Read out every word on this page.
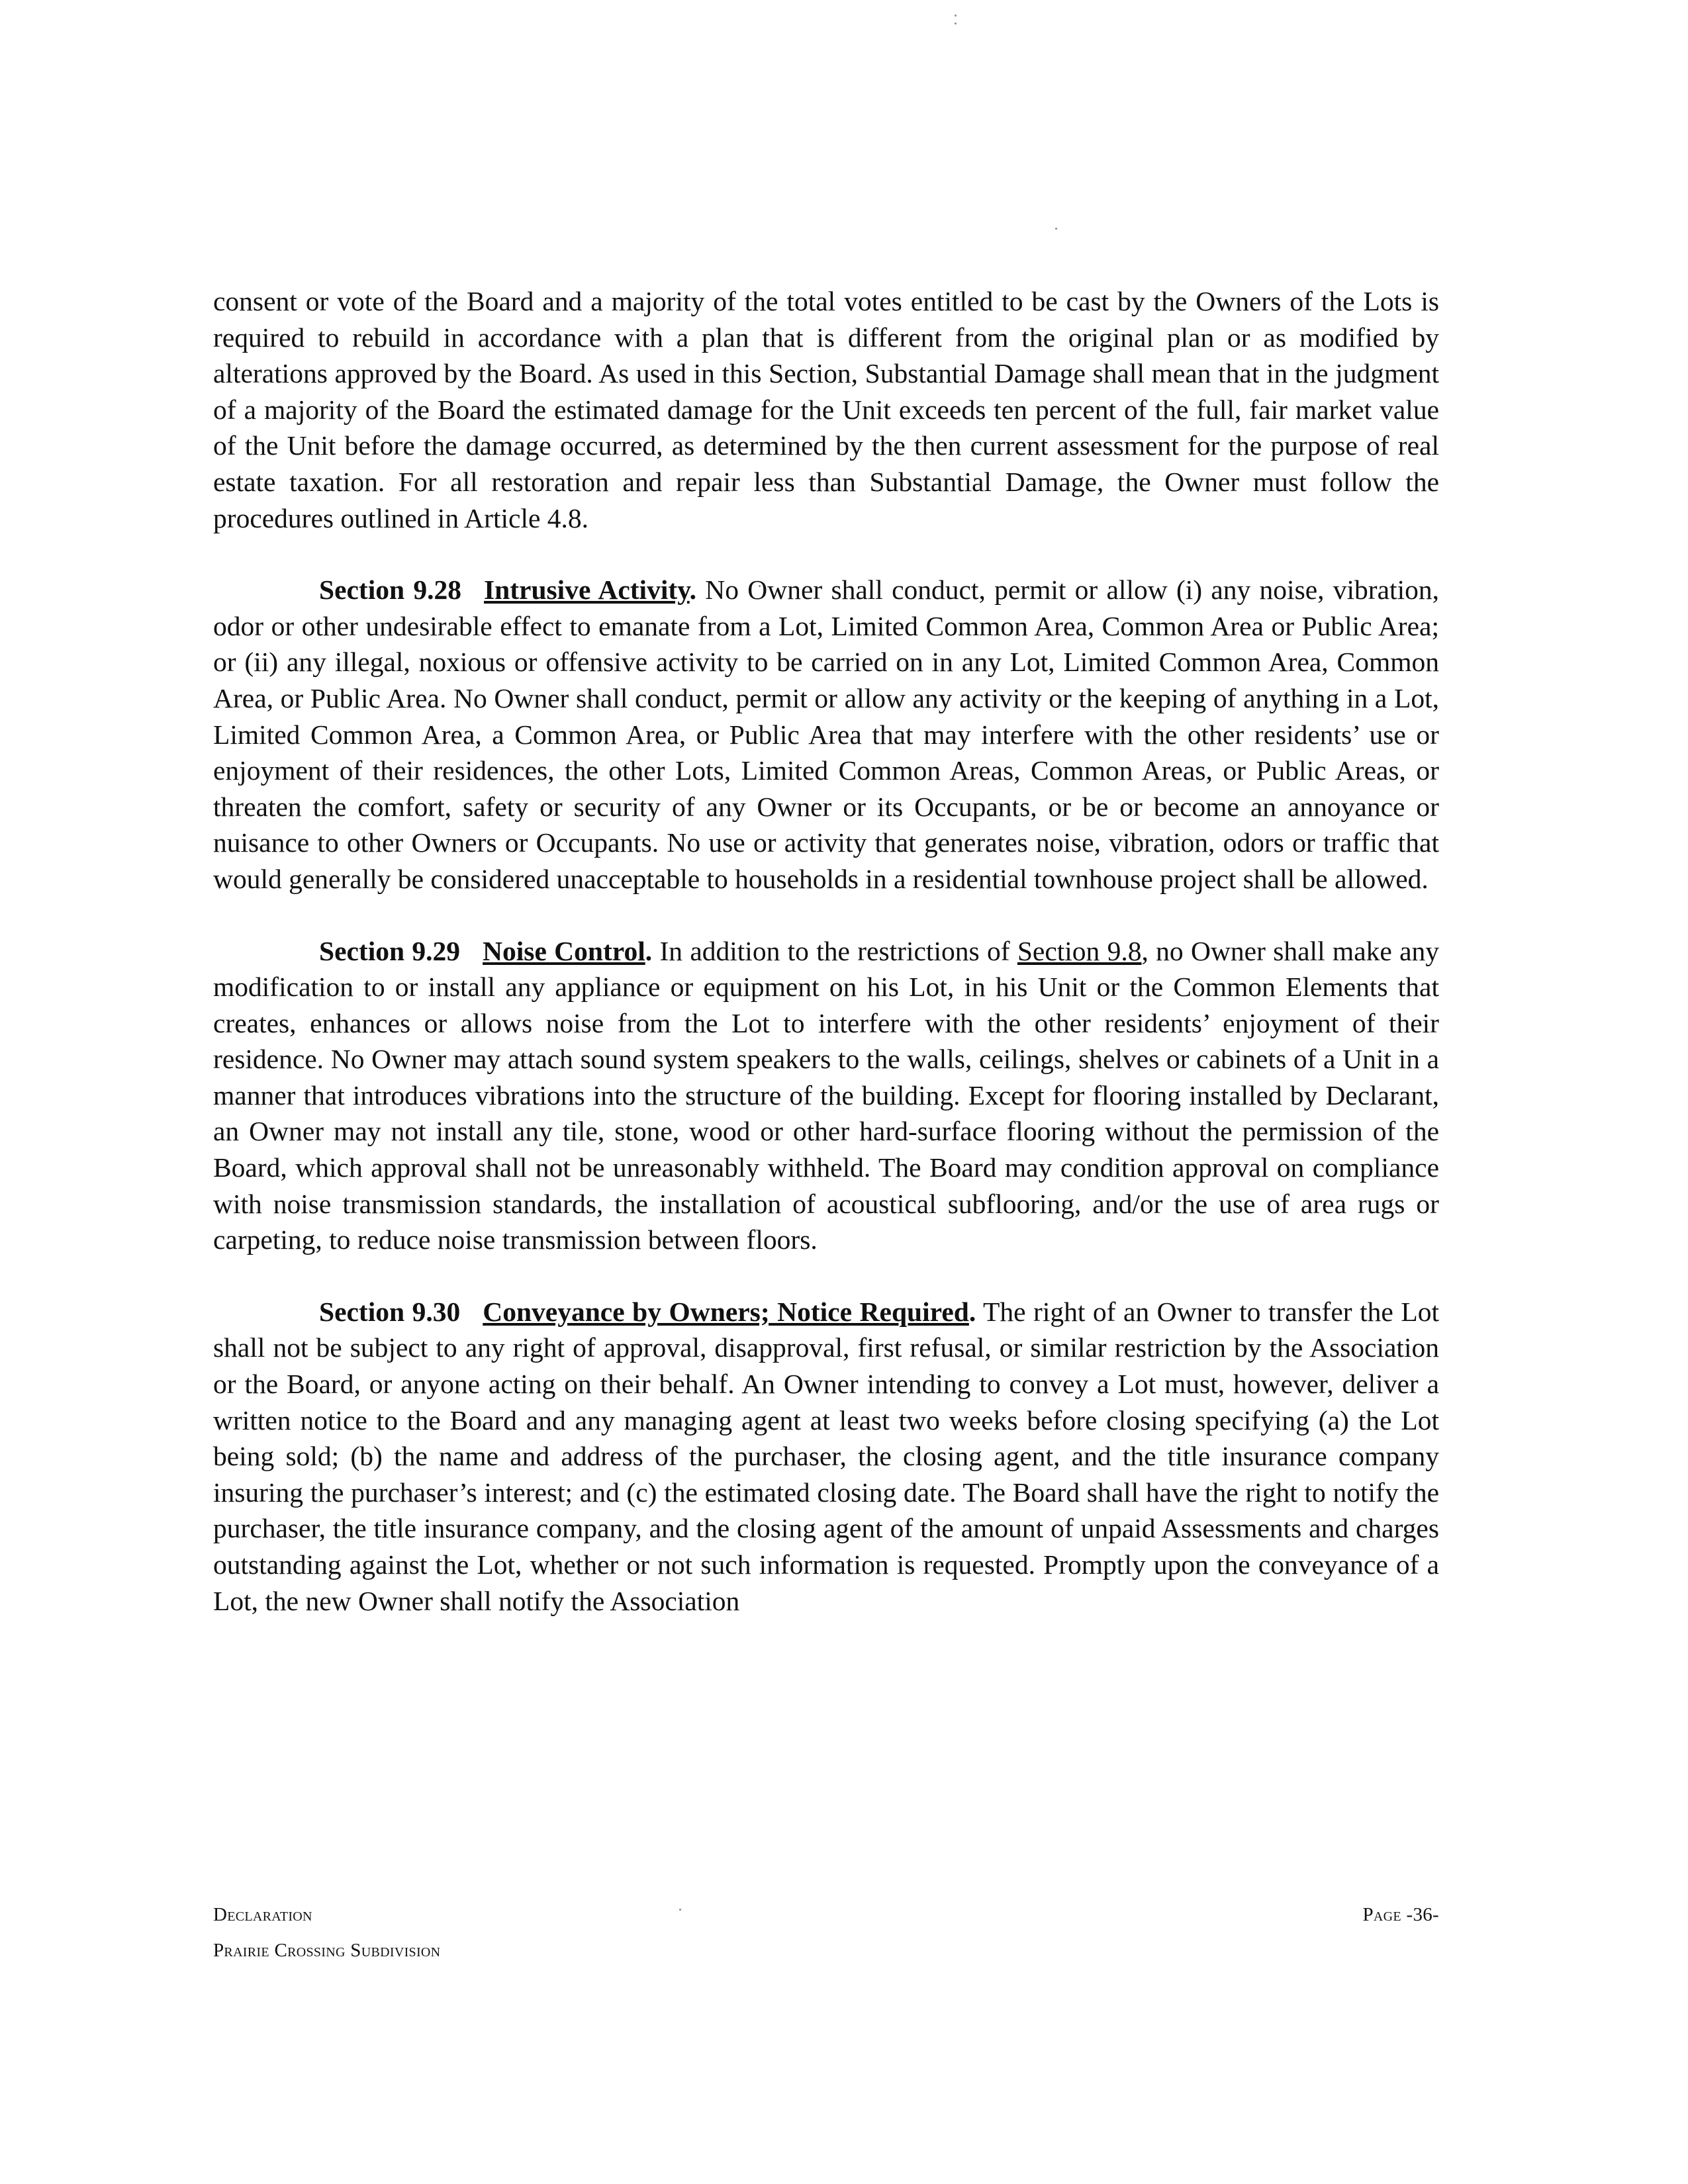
consent or vote of the Board and a majority of the total votes entitled to be cast by the Owners of the Lots is required to rebuild in accordance with a plan that is different from the original plan or as modified by alterations approved by the Board. As used in this Section, Substantial Damage shall mean that in the judgment of a majority of the Board the estimated damage for the Unit exceeds ten percent of the full, fair market value of the Unit before the damage occurred, as determined by the then current assessment for the purpose of real estate taxation. For all restoration and repair less than Substantial Damage, the Owner must follow the procedures outlined in Article 4.8.

Section 9.28 Intrusive Activity. No Owner shall conduct, permit or allow (i) any noise, vibration, odor or other undesirable effect to emanate from a Lot, Limited Common Area, Common Area or Public Area; or (ii) any illegal, noxious or offensive activity to be carried on in any Lot, Limited Common Area, Common Area, or Public Area. No Owner shall conduct, permit or allow any activity or the keeping of anything in a Lot, Limited Common Area, a Common Area, or Public Area that may interfere with the other residents’ use or enjoyment of their residences, the other Lots, Limited Common Areas, Common Areas, or Public Areas, or threaten the comfort, safety or security of any Owner or its Occupants, or be or become an annoyance or nuisance to other Owners or Occupants. No use or activity that generates noise, vibration, odors or traffic that would generally be considered unacceptable to households in a residential townhouse project shall be allowed.

Section 9.29 Noise Control. In addition to the restrictions of Section 9.8, no Owner shall make any modification to or install any appliance or equipment on his Lot, in his Unit or the Common Elements that creates, enhances or allows noise from the Lot to interfere with the other residents’ enjoyment of their residence. No Owner may attach sound system speakers to the walls, ceilings, shelves or cabinets of a Unit in a manner that introduces vibrations into the structure of the building. Except for flooring installed by Declarant, an Owner may not install any tile, stone, wood or other hard-surface flooring without the permission of the Board, which approval shall not be unreasonably withheld. The Board may condition approval on compliance with noise transmission standards, the installation of acoustical subflooring, and/or the use of area rugs or carpeting, to reduce noise transmission between floors.

Section 9.30 Conveyance by Owners; Notice Required. The right of an Owner to transfer the Lot shall not be subject to any right of approval, disapproval, first refusal, or similar restriction by the Association or the Board, or anyone acting on their behalf. An Owner intending to convey a Lot must, however, deliver a written notice to the Board and any managing agent at least two weeks before closing specifying (a) the Lot being sold; (b) the name and address of the purchaser, the closing agent, and the title insurance company insuring the purchaser’s interest; and (c) the estimated closing date. The Board shall have the right to notify the purchaser, the title insurance company, and the closing agent of the amount of unpaid Assessments and charges outstanding against the Lot, whether or not such information is requested. Promptly upon the conveyance of a Lot, the new Owner shall notify the Association

Declaration
Prairie Crossing Subdivision
Page -36-
